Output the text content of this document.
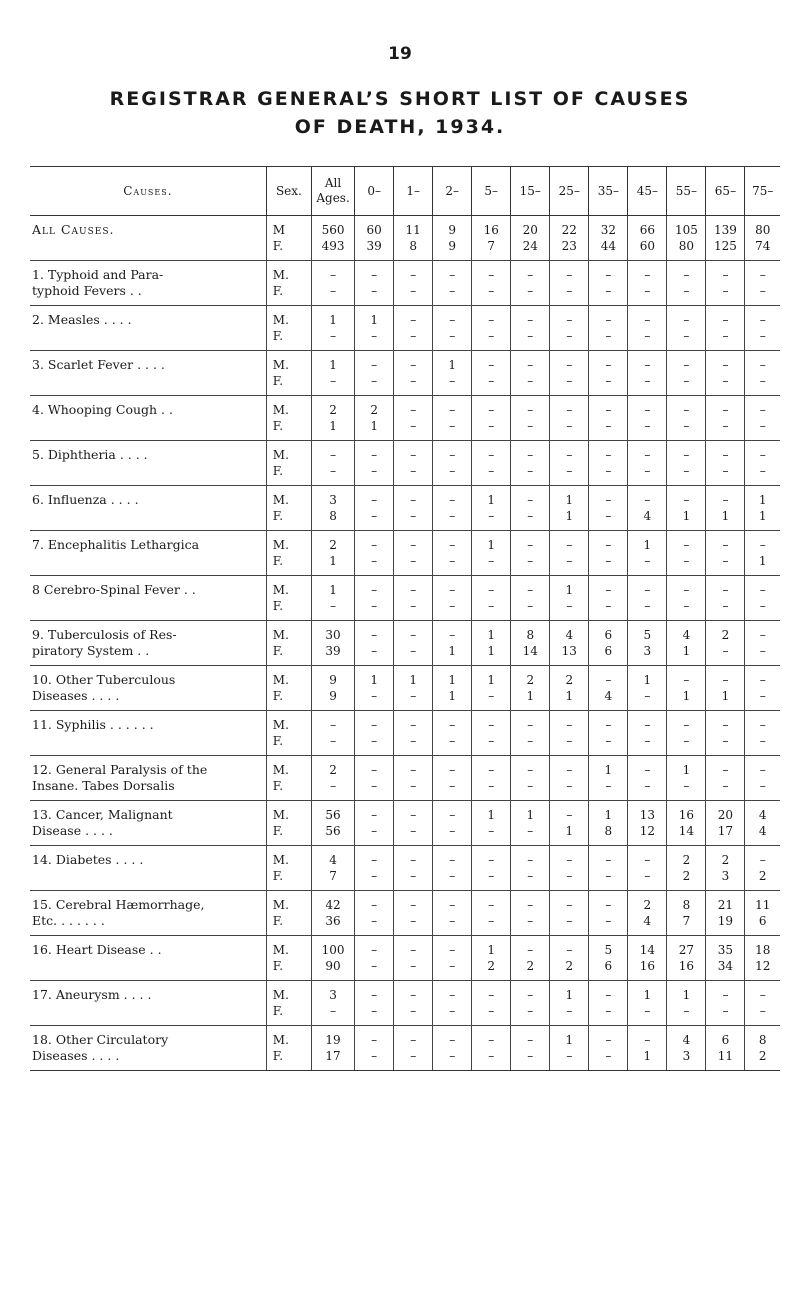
19
REGISTRAR GENERAL’S SHORT LIST OF CAUSES
OF DEATH, 1934.
Causes.	Sex.	All Ages.	0–	1–	2–	5–	15–	25–	35–	45–	55–	65–	75–
All Causes.	M	560	60	11	9	16	20	22	32	66	105	139	80
	F.	493	39	8	9	7	24	23	44	60	80	125	74
1. Typhoid and Para-	M.	–	–	–	–	–	–	–	–	–	–	–	–
typhoid Fevers . .	F.	–	–	–	–	–	–	–	–	–	–	–	–
2. Measles . . . .	M.	1	1	–	–	–	–	–	–	–	–	–	–
	F.	–	–	–	–	–	–	–	–	–	–	–	–
3. Scarlet Fever . . . .	M.	1	–	–	1	–	–	–	–	–	–	–	–
	F.	–	–	–	–	–	–	–	–	–	–	–	–
4. Whooping Cough . .	M.	2	2	–	–	–	–	–	–	–	–	–	–
	F.	1	1	–	–	–	–	–	–	–	–	–	–
5. Diphtheria . . . .	M.	–	–	–	–	–	–	–	–	–	–	–	–
	F.	–	–	–	–	–	–	–	–	–	–	–	–
6. Influenza . . . .	M.	3	–	–	–	1	–	1	–	–	–	–	1
	F.	8	–	–	–	–	–	1	–	4	1	1	1
7. Encephalitis Lethargica	M.	2	–	–	–	1	–	–	–	1	–	–	–
	F.	1	–	–	–	–	–	–	–	–	–	–	1
8 Cerebro-Spinal Fever . .	M.	1	–	–	–	–	–	1	–	–	–	–	–
	F.	–	–	–	–	–	–	–	–	–	–	–	–
9. Tuberculosis of Res-	M.	30	–	–	–	1	8	4	6	5	4	2	–
piratory System . .	F.	39	–	–	1	1	14	13	6	3	1	–	–
10. Other Tuberculous	M.	9	1	1	1	1	2	2	–	1	–	–	–
Diseases . . . .	F.	9	–	–	1	–	1	1	4	–	1	1	–
11. Syphilis . . . . . .	M.	–	–	–	–	–	–	–	–	–	–	–	–
	F.	–	–	–	–	–	–	–	–	–	–	–	–
12. General Paralysis of the	M.	2	–	–	–	–	–	–	1	–	1	–	–
Insane. Tabes Dorsalis	F.	–	–	–	–	–	–	–	–	–	–	–	–
13. Cancer, Malignant	M.	56	–	–	–	1	1	–	1	13	16	20	4
Disease . . . .	F.	56	–	–	–	–	–	1	8	12	14	17	4
14. Diabetes . . . .	M.	4	–	–	–	–	–	–	–	–	2	2	–
	F.	7	–	–	–	–	–	–	–	–	2	3	2
15. Cerebral Hæmorrhage,	M.	42	–	–	–	–	–	–	–	2	8	21	11
Etc. . . . . . .	F.	36	–	–	–	–	–	–	–	4	7	19	6
16. Heart Disease . .	M.	100	–	–	–	1	–	–	5	14	27	35	18
	F.	90	–	–	–	2	2	2	6	16	16	34	12
17. Aneurysm . . . .	M.	3	–	–	–	–	–	1	–	1	1	–	–
	F.	–	–	–	–	–	–	–	–	–	–	–	–
18. Other Circulatory	M.	19	–	–	–	–	–	1	–	–	4	6	8
Diseases . . . .	F.	17	–	–	–	–	–	–	–	1	3	11	2
